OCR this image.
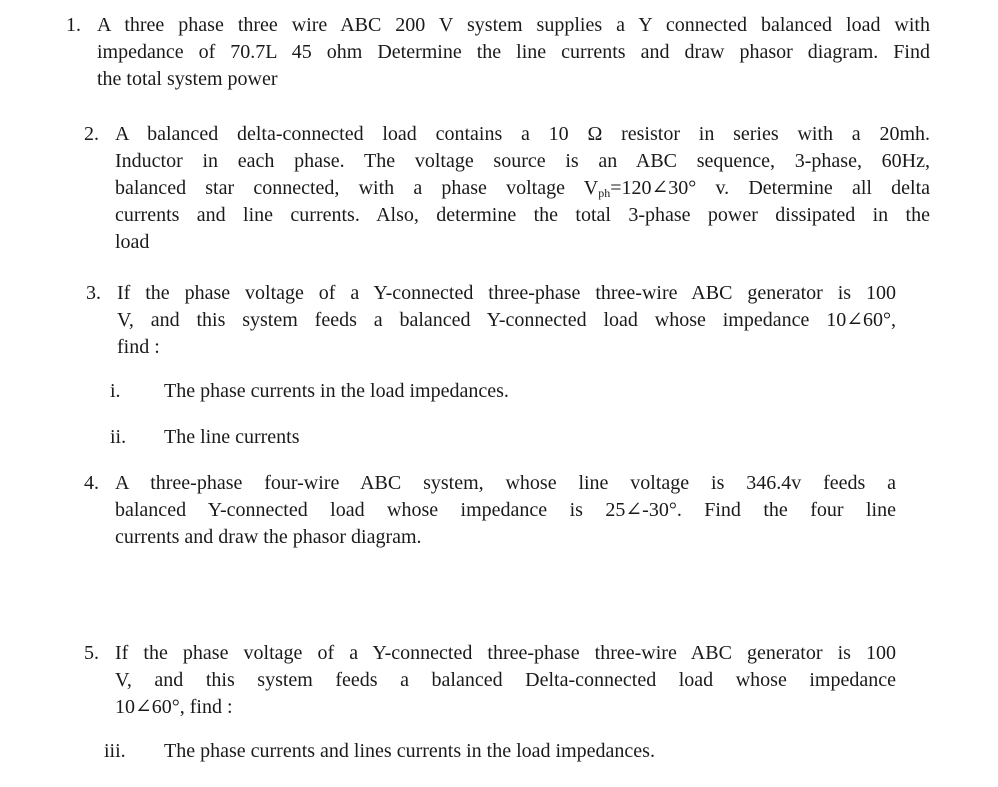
1. A three phase three wire ABC 200 V system supplies a Y connected balanced load with
impedance of 70.7L 45 ohm Determine the line currents and draw phasor diagram. Find
the total system power
2. A balanced delta-connected load contains a 10 Ω resistor in series with a 20mh.
Inductor in each phase. The voltage source is an ABC sequence, 3-phase, 60Hz,
balanced star connected, with a phase voltage $V_{ph}=120\angle 30^\circ$ v. Determine all delta
currents and line currents. Also, determine the total 3-phase power dissipated in the
load
3. If the phase voltage of a Y-connected three-phase three-wire ABC generator is 100
V, and this system feeds a balanced Y-connected load whose impedance 10∠60°,
find :
i. The phase currents in the load impedances.
ii. The line currents
4. A three-phase four-wire ABC system, whose line voltage is 346.4v feeds a
balanced Y-connected load whose impedance is 25∠-30°. Find the four line
currents and draw the phasor diagram.
5. If the phase voltage of a Y-connected three-phase three-wire ABC generator is 100
V, and this system feeds a balanced Delta-connected load whose impedance
10∠60°, find :
iii. The phase currents and lines currents in the load impedances.
